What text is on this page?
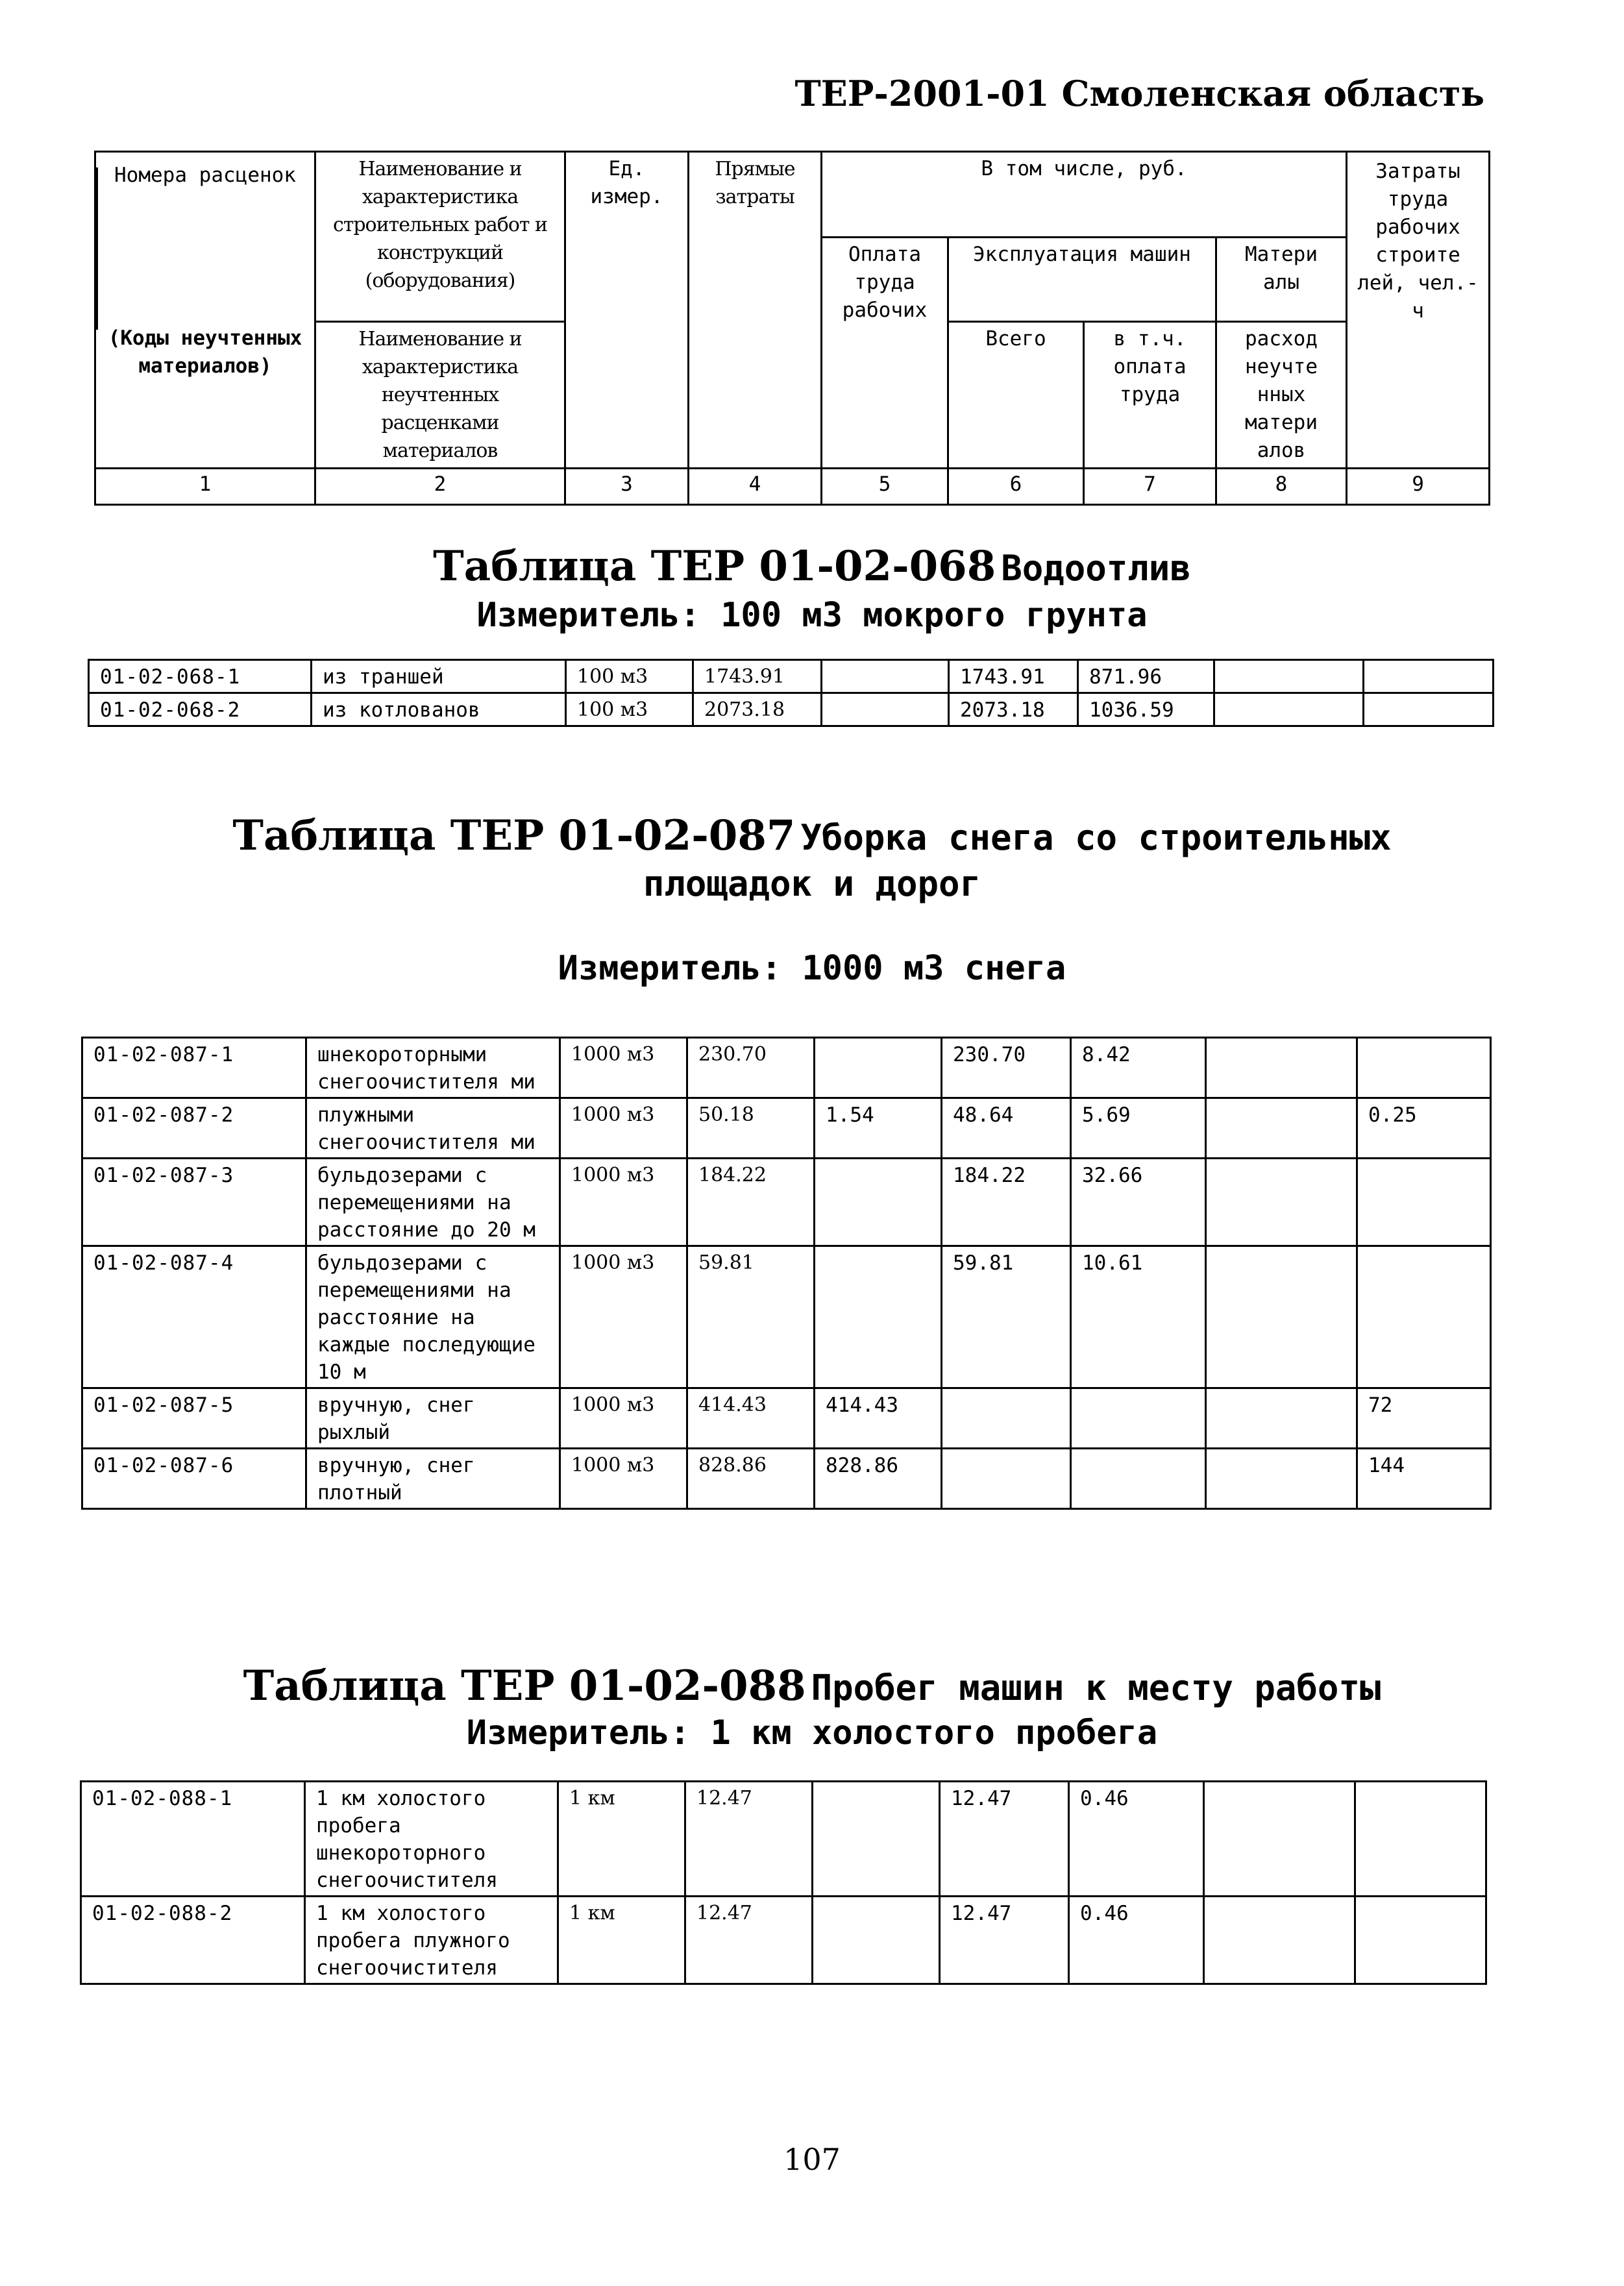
ТЕР-2001-01 Смоленская область
Номера расценок	Наименование и характеристика строительных работ и конструкций (оборудования)	Ед. измер.	Прямые затраты	В том числе, руб.				Затраты труда рабочих строите лей, чел.-ч
				Оплата труда рабочих	Эксплуатация машин		Матери алы	
(Коды неучтенных материалов)	Наименование и характеристика неучтенных расценками материалов				Всего	в т.ч. оплата труда	расход неучте нных матери алов	
1	2	3	4	5	6	7	8	9
Таблица ТЕР 01-02-068 Водоотлив
Измеритель: 100 м3 мокрого грунта
01-02-068-1	из траншей	100 м3	1743.91		1743.91	871.96		
01-02-068-2	из котлованов	100 м3	2073.18		2073.18	1036.59		
Таблица ТЕР 01-02-087 Уборка снега со строительных
площадок и дорог
Измеритель: 1000 м3 снега
01-02-087-1	шнекороторными снегоочистителя ми	1000 м3	230.70		230.70	8.42		
01-02-087-2	плужными снегоочистителя ми	1000 м3	50.18	1.54	48.64	5.69		0.25
01-02-087-3	бульдозерами с перемещениями на расстояние до 20 м	1000 м3	184.22		184.22	32.66		
01-02-087-4	бульдозерами с перемещениями на расстояние на каждые последующие 10 м	1000 м3	59.81		59.81	10.61		
01-02-087-5	вручную, снег рыхлый	1000 м3	414.43	414.43				72
01-02-087-6	вручную, снег плотный	1000 м3	828.86	828.86				144
Таблица ТЕР 01-02-088 Пробег машин к месту работы
Измеритель: 1 км холостого пробега
01-02-088-1	1 км холостого пробега шнекороторного снегоочистителя	1 км	12.47		12.47	0.46		
01-02-088-2	1 км холостого пробега плужного снегоочистителя	1 км	12.47		12.47	0.46		
107
